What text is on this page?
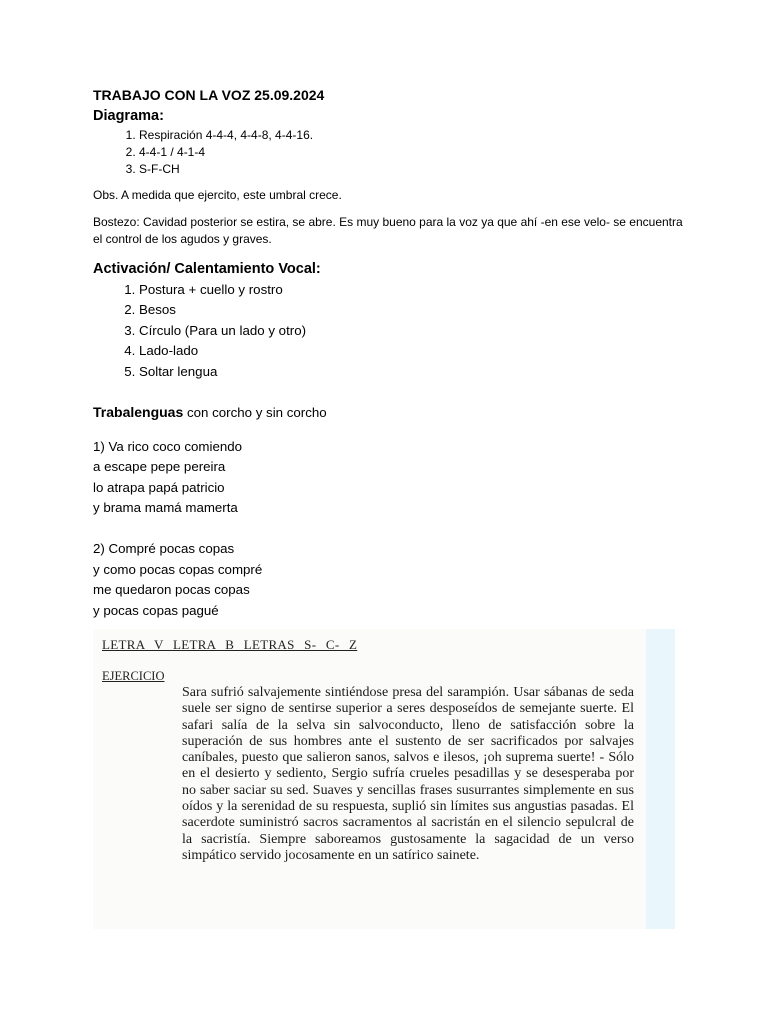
TRABAJO CON LA VOZ 25.09.2024

Diagrama:

1. Respiración 4-4-4, 4-4-8, 4-4-16.
2. 4-4-1 / 4-1-4
3. S-F-CH

Obs. A medida que ejercito, este umbral crece.

Bostezo: Cavidad posterior se estira, se abre. Es muy bueno para la voz ya que ahí -en ese velo- se encuentra el control de los agudos y graves.

Activación/ Calentamiento Vocal:

1. Postura + cuello y rostro
2. Besos
3. Círculo (Para un lado y otro)
4. Lado-lado
5. Soltar lengua

Trabalenguas con corcho y sin corcho

1) Va rico coco comiendo

a escape pepe pereira

lo atrapa papá patricio

y brama mamá mamerta

2) Compré pocas copas

y como pocas copas compré

me quedaron pocas copas

y pocas copas pagué

LETRA V LETRA B LETRAS S- C- Z
EJERCICIO
Sara sufrió salvajemente sintiéndose presa del sarampión. Usar sábanas de seda suele ser signo de sentirse superior a seres desposeídos de semejante suerte. El safari salía de la selva sin salvoconducto, lleno de satisfacción sobre la superación de sus hombres ante el sustento de ser sacrificados por salvajes caníbales, puesto que salieron sanos, salvos e ilesos, ¡oh suprema suerte! - Sólo en el desierto y sediento, Sergio sufría crueles pesadillas y se desesperaba por no saber saciar su sed. Suaves y sencillas frases susurrantes simplemente en sus oídos y la serenidad de su respuesta, suplió sin límites sus angustias pasadas. El sacerdote suministró sacros sacramentos al sacristán en el silencio sepulcral de la sacristía. Siempre saboreamos gustosamente la sagacidad de un verso simpático servido jocosamente en un satírico sainete.
